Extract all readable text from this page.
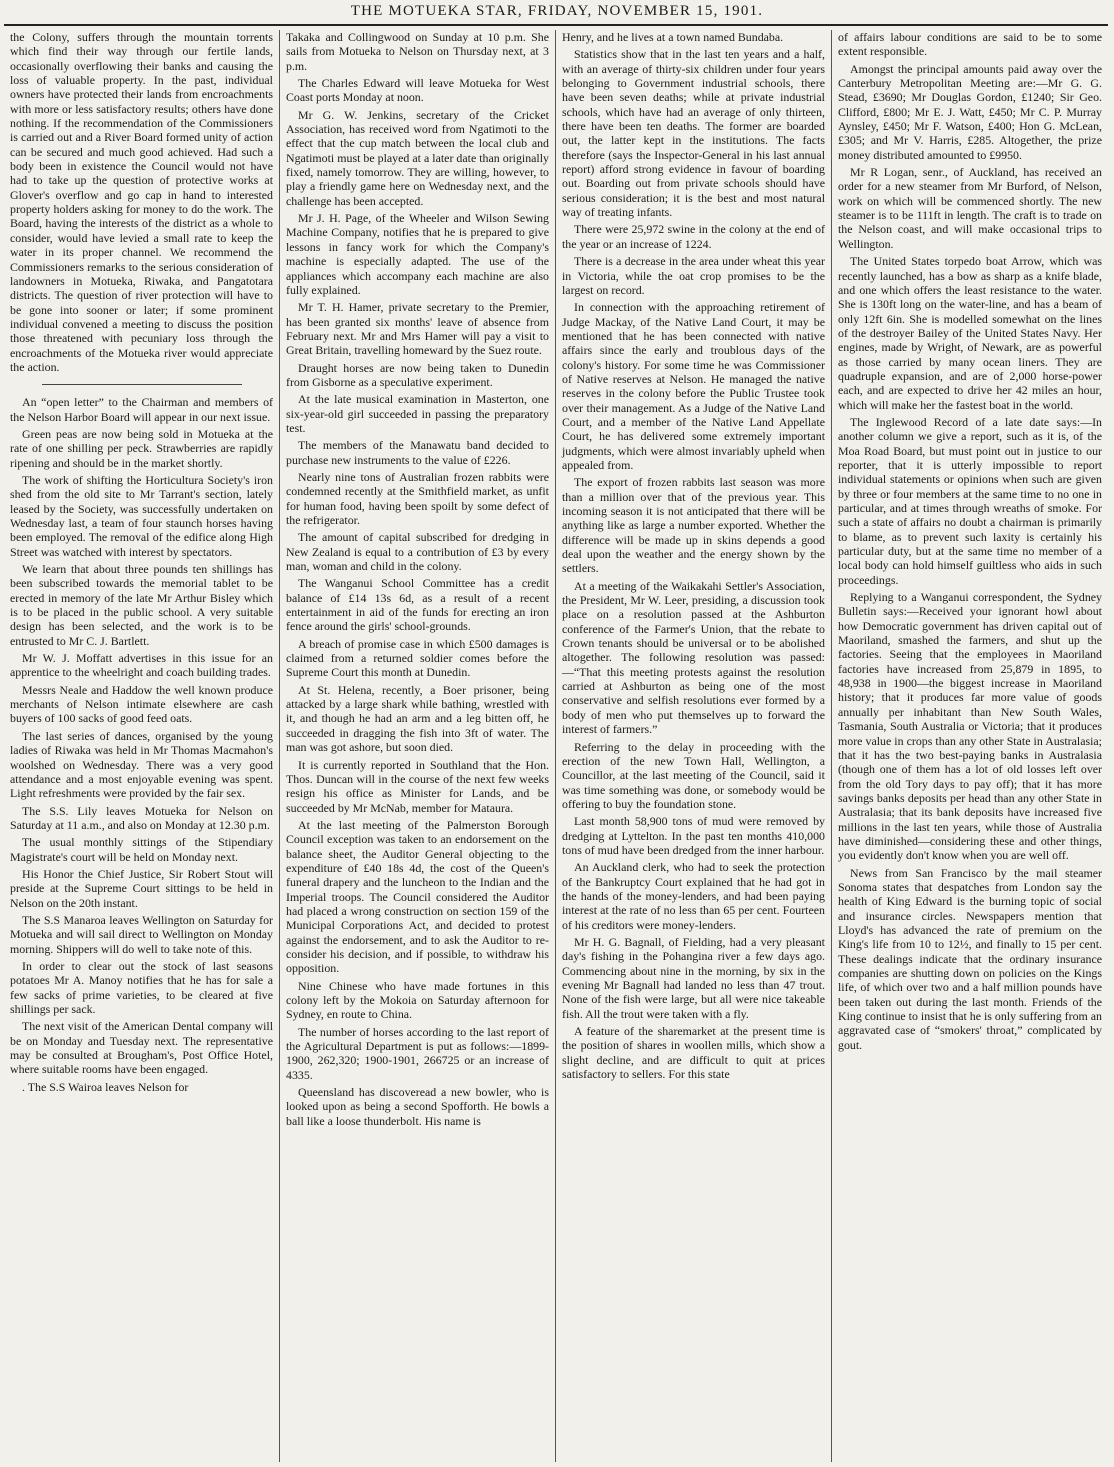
THE MOTUEKA STAR, FRIDAY, NOVEMBER 15, 1901.

the Colony, suffers through the mountain torrents which find their way through our fertile lands, occasionally overflowing their banks and causing the loss of valuable property. In the past, individual owners have protected their lands from encroachments with more or less satisfactory results; others have done nothing. If the recommendation of the Commissioners is carried out and a River Board formed unity of action can be secured and much good achieved. Had such a body been in existence the Council would not have had to take up the question of protective works at Glover's overflow and go cap in hand to interested property holders asking for money to do the work. The Board, having the interests of the district as a whole to consider, would have levied a small rate to keep the water in its proper channel. We recommend the Commissioners remarks to the serious consideration of landowners in Motueka, Riwaka, and Pangatotara districts. The question of river protection will have to be gone into sooner or later; if some prominent individual convened a meeting to discuss the position those threatened with pecuniary loss through the encroachments of the Motueka river would appreciate the action.

An “open letter” to the Chairman and members of the Nelson Harbor Board will appear in our next issue.

Green peas are now being sold in Motueka at the rate of one shilling per peck. Strawberries are rapidly ripening and should be in the market shortly.

The work of shifting the Horticultura Society's iron shed from the old site to Mr Tarrant's section, lately leased by the Society, was successfully undertaken on Wednesday last, a team of four staunch horses having been employed. The removal of the edifice along High Street was watched with interest by spectators.

We learn that about three pounds ten shillings has been subscribed towards the memorial tablet to be erected in memory of the late Mr Arthur Bisley which is to be placed in the public school. A very suitable design has been selected, and the work is to be entrusted to Mr C. J. Bartlett.

Mr W. J. Moffatt advertises in this issue for an apprentice to the wheelright and coach building trades.

Messrs Neale and Haddow the well known produce merchants of Nelson intimate elsewhere are cash buyers of 100 sacks of good feed oats.

The last series of dances, organised by the young ladies of Riwaka was held in Mr Thomas Macmahon's woolshed on Wednesday. There was a very good attendance and a most enjoyable evening was spent. Light refreshments were provided by the fair sex.

The S.S. Lily leaves Motueka for Nelson on Saturday at 11 a.m., and also on Monday at 12.30 p.m.

The usual monthly sittings of the Stipendiary Magistrate's court will be held on Monday next.

His Honor the Chief Justice, Sir Robert Stout will preside at the Supreme Court sittings to be held in Nelson on the 20th instant.

The S.S Manaroa leaves Wellington on Saturday for Motueka and will sail direct to Wellington on Monday morning. Shippers will do well to take note of this.

In order to clear out the stock of last seasons potatoes Mr A. Manoy notifies that he has for sale a few sacks of prime varieties, to be cleared at five shillings per sack.

The next visit of the American Dental company will be on Monday and Tuesday next. The representative may be consulted at Brougham's, Post Office Hotel, where suitable rooms have been engaged.

. The S.S Wairoa leaves Nelson for

Takaka and Collingwood on Sunday at 10 p.m. She sails from Motueka to Nelson on Thursday next, at 3 p.m.

The Charles Edward will leave Motueka for West Coast ports Monday at noon.

Mr G. W. Jenkins, secretary of the Cricket Association, has received word from Ngatimoti to the effect that the cup match between the local club and Ngatimoti must be played at a later date than originally fixed, namely tomorrow. They are willing, however, to play a friendly game here on Wednesday next, and the challenge has been accepted.

Mr J. H. Page, of the Wheeler and Wilson Sewing Machine Company, notifies that he is prepared to give lessons in fancy work for which the Company's machine is especially adapted. The use of the appliances which accompany each machine are also fully explained.

Mr T. H. Hamer, private secretary to the Premier, has been granted six months' leave of absence from February next. Mr and Mrs Hamer will pay a visit to Great Britain, travelling homeward by the Suez route.

Draught horses are now being taken to Dunedin from Gisborne as a speculative experiment.

At the late musical examination in Masterton, one six-year-old girl succeeded in passing the preparatory test.

The members of the Manawatu band decided to purchase new instruments to the value of £226.

Nearly nine tons of Australian frozen rabbits were condemned recently at the Smithfield market, as unfit for human food, having been spoilt by some defect of the refrigerator.

The amount of capital subscribed for dredging in New Zealand is equal to a contribution of £3 by every man, woman and child in the colony.

The Wanganui School Committee has a credit balance of £14 13s 6d, as a result of a recent entertainment in aid of the funds for erecting an iron fence around the girls' school-grounds.

A breach of promise case in which £500 damages is claimed from a returned soldier comes before the Supreme Court this month at Dunedin.

At St. Helena, recently, a Boer prisoner, being attacked by a large shark while bathing, wrestled with it, and though he had an arm and a leg bitten off, he succeeded in dragging the fish into 3ft of water. The man was got ashore, but soon died.

It is currently reported in Southland that the Hon. Thos. Duncan will in the course of the next few weeks resign his office as Minister for Lands, and be succeeded by Mr McNab, member for Mataura.

At the last meeting of the Palmerston Borough Council exception was taken to an endorsement on the balance sheet, the Auditor General objecting to the expenditure of £40 18s 4d, the cost of the Queen's funeral drapery and the luncheon to the Indian and the Imperial troops. The Council considered the Auditor had placed a wrong construction on section 159 of the Municipal Corporations Act, and decided to protest against the endorsement, and to ask the Auditor to re-consider his decision, and if possible, to withdraw his opposition.

Nine Chinese who have made fortunes in this colony left by the Mokoia on Saturday afternoon for Sydney, en route to China.

The number of horses according to the last report of the Agricultural Department is put as follows:—1899-1900, 262,320; 1900-1901, 266725 or an increase of 4335.

Queensland has discoveread a new bowler, who is looked upon as being a second Spofforth. He bowls a ball like a loose thunderbolt. His name is

Henry, and he lives at a town named Bundaba.

Statistics show that in the last ten years and a half, with an average of thirty-six children under four years belonging to Government industrial schools, there have been seven deaths; while at private industrial schools, which have had an average of only thirteen, there have been ten deaths. The former are boarded out, the latter kept in the institutions. The facts therefore (says the Inspector-General in his last annual report) afford strong evidence in favour of boarding out. Boarding out from private schools should have serious consideration; it is the best and most natural way of treating infants.

There were 25,972 swine in the colony at the end of the year or an increase of 1224.

There is a decrease in the area under wheat this year in Victoria, while the oat crop promises to be the largest on record.

In connection with the approaching retirement of Judge Mackay, of the Native Land Court, it may be mentioned that he has been connected with native affairs since the early and troublous days of the colony's history. For some time he was Commissioner of Native reserves at Nelson. He managed the native reserves in the colony before the Public Trustee took over their management. As a Judge of the Native Land Court, and a member of the Native Land Appellate Court, he has delivered some extremely important judgments, which were almost invariably upheld when appealed from.

The export of frozen rabbits last season was more than a million over that of the previous year. This incoming season it is not anticipated that there will be anything like as large a number exported. Whether the difference will be made up in skins depends a good deal upon the weather and the energy shown by the settlers.

At a meeting of the Waikakahi Settler's Association, the President, Mr W. Leer, presiding, a discussion took place on a resolution passed at the Ashburton conference of the Farmer's Union, that the rebate to Crown tenants should be universal or to be abolished altogether. The following resolution was passed:—“That this meeting protests against the resolution carried at Ashburton as being one of the most conservative and selfish resolutions ever formed by a body of men who put themselves up to forward the interest of farmers.”

Referring to the delay in proceeding with the erection of the new Town Hall, Wellington, a Councillor, at the last meeting of the Council, said it was time something was done, or somebody would be offering to buy the foundation stone.

Last month 58,900 tons of mud were removed by dredging at Lyttelton. In the past ten months 410,000 tons of mud have been dredged from the inner harbour.

An Auckland clerk, who had to seek the protection of the Bankruptcy Court explained that he had got in the hands of the money-lenders, and had been paying interest at the rate of no less than 65 per cent. Fourteen of his creditors were money-lenders.

Mr H. G. Bagnall, of Fielding, had a very pleasant day's fishing in the Pohangina river a few days ago. Commencing about nine in the morning, by six in the evening Mr Bagnall had landed no less than 47 trout. None of the fish were large, but all were nice takeable fish. All the trout were taken with a fly.

A feature of the sharemarket at the present time is the position of shares in woollen mills, which show a slight decline, and are difficult to quit at prices satisfactory to sellers. For this state

of affairs labour conditions are said to be to some extent responsible.

Amongst the principal amounts paid away over the Canterbury Metropolitan Meeting are:—Mr G. G. Stead, £3690; Mr Douglas Gordon, £1240; Sir Geo. Clifford, £800; Mr E. J. Watt, £450; Mr C. P. Murray Aynsley, £450; Mr F. Watson, £400; Hon G. McLean, £305; and Mr V. Harris, £285. Altogether, the prize money distributed amounted to £9950.

Mr R Logan, senr., of Auckland, has received an order for a new steamer from Mr Burford, of Nelson, work on which will be commenced shortly. The new steamer is to be 111ft in length. The craft is to trade on the Nelson coast, and will make occasional trips to Wellington.

The United States torpedo boat Arrow, which was recently launched, has a bow as sharp as a knife blade, and one which offers the least resistance to the water. She is 130ft long on the water-line, and has a beam of only 12ft 6in. She is modelled somewhat on the lines of the destroyer Bailey of the United States Navy. Her engines, made by Wright, of Newark, are as powerful as those carried by many ocean liners. They are quadruple expansion, and are of 2,000 horse-power each, and are expected to drive her 42 miles an hour, which will make her the fastest boat in the world.

The Inglewood Record of a late date says:—In another column we give a report, such as it is, of the Moa Road Board, but must point out in justice to our reporter, that it is utterly impossible to report individual statements or opinions when such are given by three or four members at the same time to no one in particular, and at times through wreaths of smoke. For such a state of affairs no doubt a chairman is primarily to blame, as to prevent such laxity is certainly his particular duty, but at the same time no member of a local body can hold himself guiltless who aids in such proceedings.

Replying to a Wanganui correspondent, the Sydney Bulletin says:—Received your ignorant howl about how Democratic government has driven capital out of Maoriland, smashed the farmers, and shut up the factories. Seeing that the employees in Maoriland factories have increased from 25,879 in 1895, to 48,938 in 1900—the biggest increase in Maoriland history; that it produces far more value of goods annually per inhabitant than New South Wales, Tasmania, South Australia or Victoria; that it produces more value in crops than any other State in Australasia; that it has the two best-paying banks in Australasia (though one of them has a lot of old losses left over from the old Tory days to pay off); that it has more savings banks deposits per head than any other State in Australasia; that its bank deposits have increased five millions in the last ten years, while those of Australia have diminished—considering these and other things, you evidently don't know when you are well off.

News from San Francisco by the mail steamer Sonoma states that despatches from London say the health of King Edward is the burning topic of social and insurance circles. Newspapers mention that Lloyd's has advanced the rate of premium on the King's life from 10 to 12½, and finally to 15 per cent. These dealings indicate that the ordinary insurance companies are shutting down on policies on the Kings life, of which over two and a half million pounds have been taken out during the last month. Friends of the King continue to insist that he is only suffering from an aggravated case of “smokers' throat,” complicated by gout.
